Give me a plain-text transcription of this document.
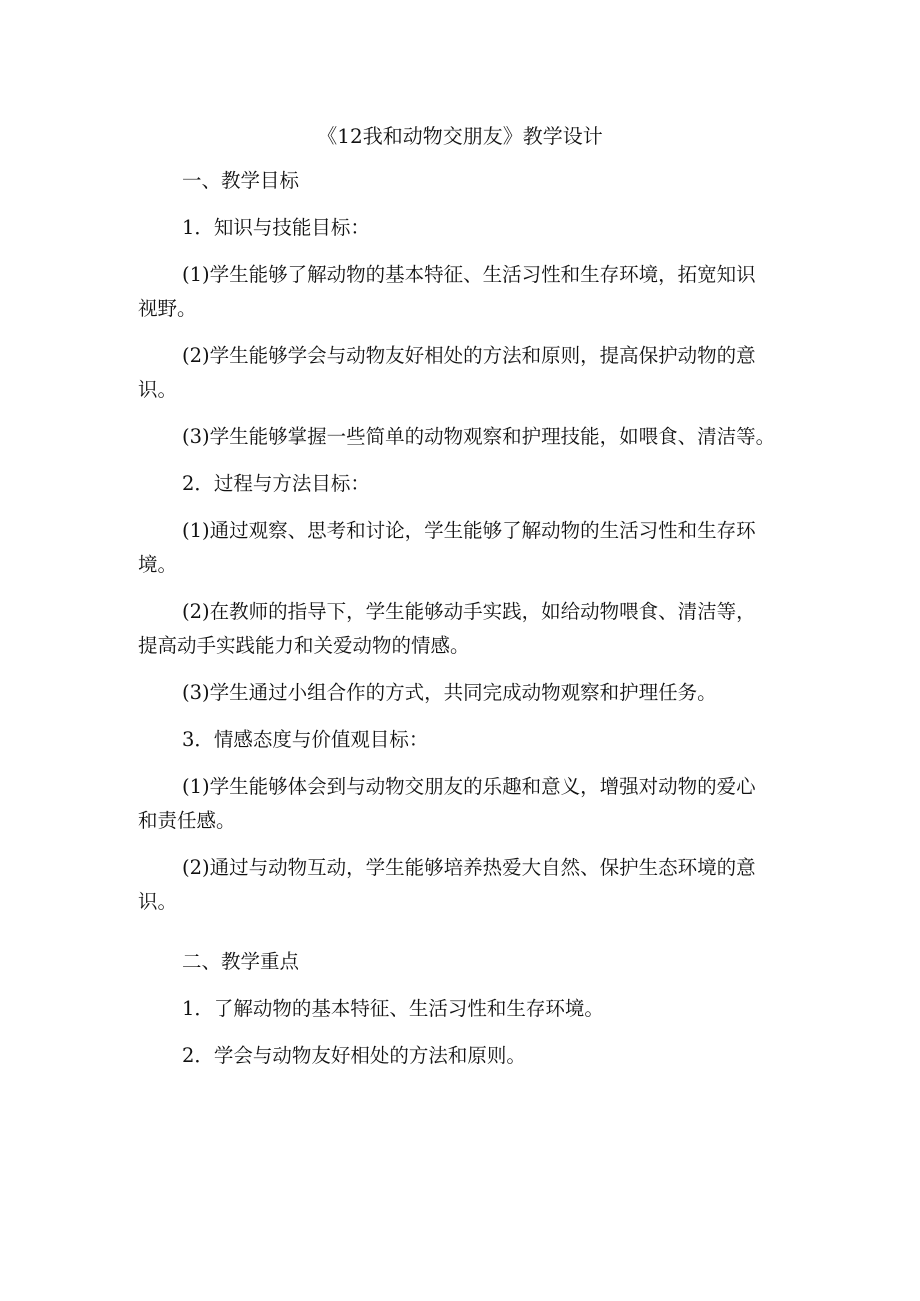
《12我和动物交朋友》教学设计

一、教学目标

1．知识与技能目标：

(1)学生能够了解动物的基本特征、生活习性和生存环境，拓宽知识
视野。

(2)学生能够学会与动物友好相处的方法和原则，提高保护动物的意
识。

(3)学生能够掌握一些简单的动物观察和护理技能，如喂食、清洁等。

2．过程与方法目标：

(1)通过观察、思考和讨论，学生能够了解动物的生活习性和生存环
境。

(2)在教师的指导下，学生能够动手实践，如给动物喂食、清洁等，
提高动手实践能力和关爱动物的情感。

(3)学生通过小组合作的方式，共同完成动物观察和护理任务。

3．情感态度与价值观目标：

(1)学生能够体会到与动物交朋友的乐趣和意义，增强对动物的爱心
和责任感。

(2)通过与动物互动，学生能够培养热爱大自然、保护生态环境的意
识。

二、教学重点

1．了解动物的基本特征、生活习性和生存环境。

2．学会与动物友好相处的方法和原则。
